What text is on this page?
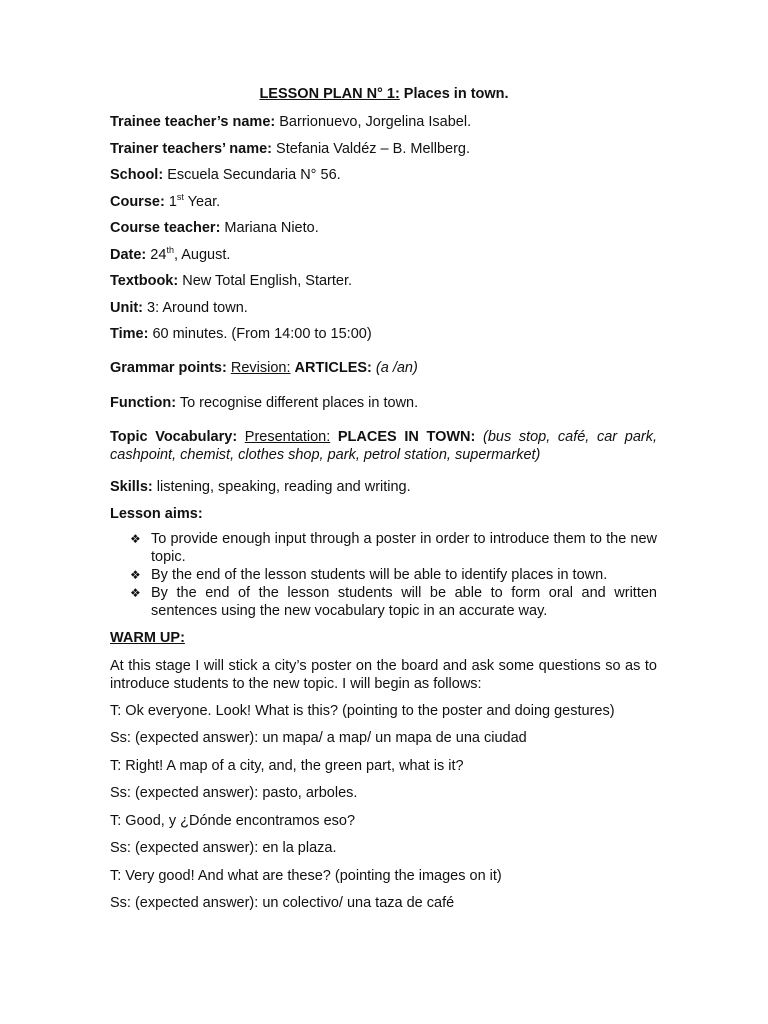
LESSON PLAN N° 1: Places in town.
Trainee teacher’s name: Barrionuevo, Jorgelina Isabel.
Trainer teachers’ name: Stefania Valdéz – B. Mellberg.
School: Escuela Secundaria N° 56.
Course: 1st Year.
Course teacher: Mariana Nieto.
Date: 24th, August.
Textbook: New Total English, Starter.
Unit: 3: Around town.
Time: 60 minutes. (From 14:00 to 15:00)
Grammar points: Revision: ARTICLES: (a /an)
Function: To recognise different places in town.
Topic Vocabulary: Presentation: PLACES IN TOWN: (bus stop, café, car park, cashpoint, chemist, clothes shop, park, petrol station, supermarket)
Skills: listening, speaking, reading and writing.
Lesson aims:
❖ To provide enough input through a poster in order to introduce them to the new topic.
❖ By the end of the lesson students will be able to identify places in town.
❖ By the end of the lesson students will be able to form oral and written sentences using the new vocabulary topic in an accurate way.
WARM UP:
At this stage I will stick a city’s poster on the board and ask some questions so as to introduce students to the new topic. I will begin as follows:
T: Ok everyone. Look! What is this? (pointing to the poster and doing gestures)
Ss: (expected answer): un mapa/ a map/ un mapa de una ciudad
T: Right! A map of a city, and, the green part, what is it?
Ss: (expected answer): pasto, arboles.
T: Good, y ¿Dónde encontramos eso?
Ss: (expected answer): en la plaza.
T: Very good! And what are these? (pointing the images on it)
Ss: (expected answer): un colectivo/ una taza de café
